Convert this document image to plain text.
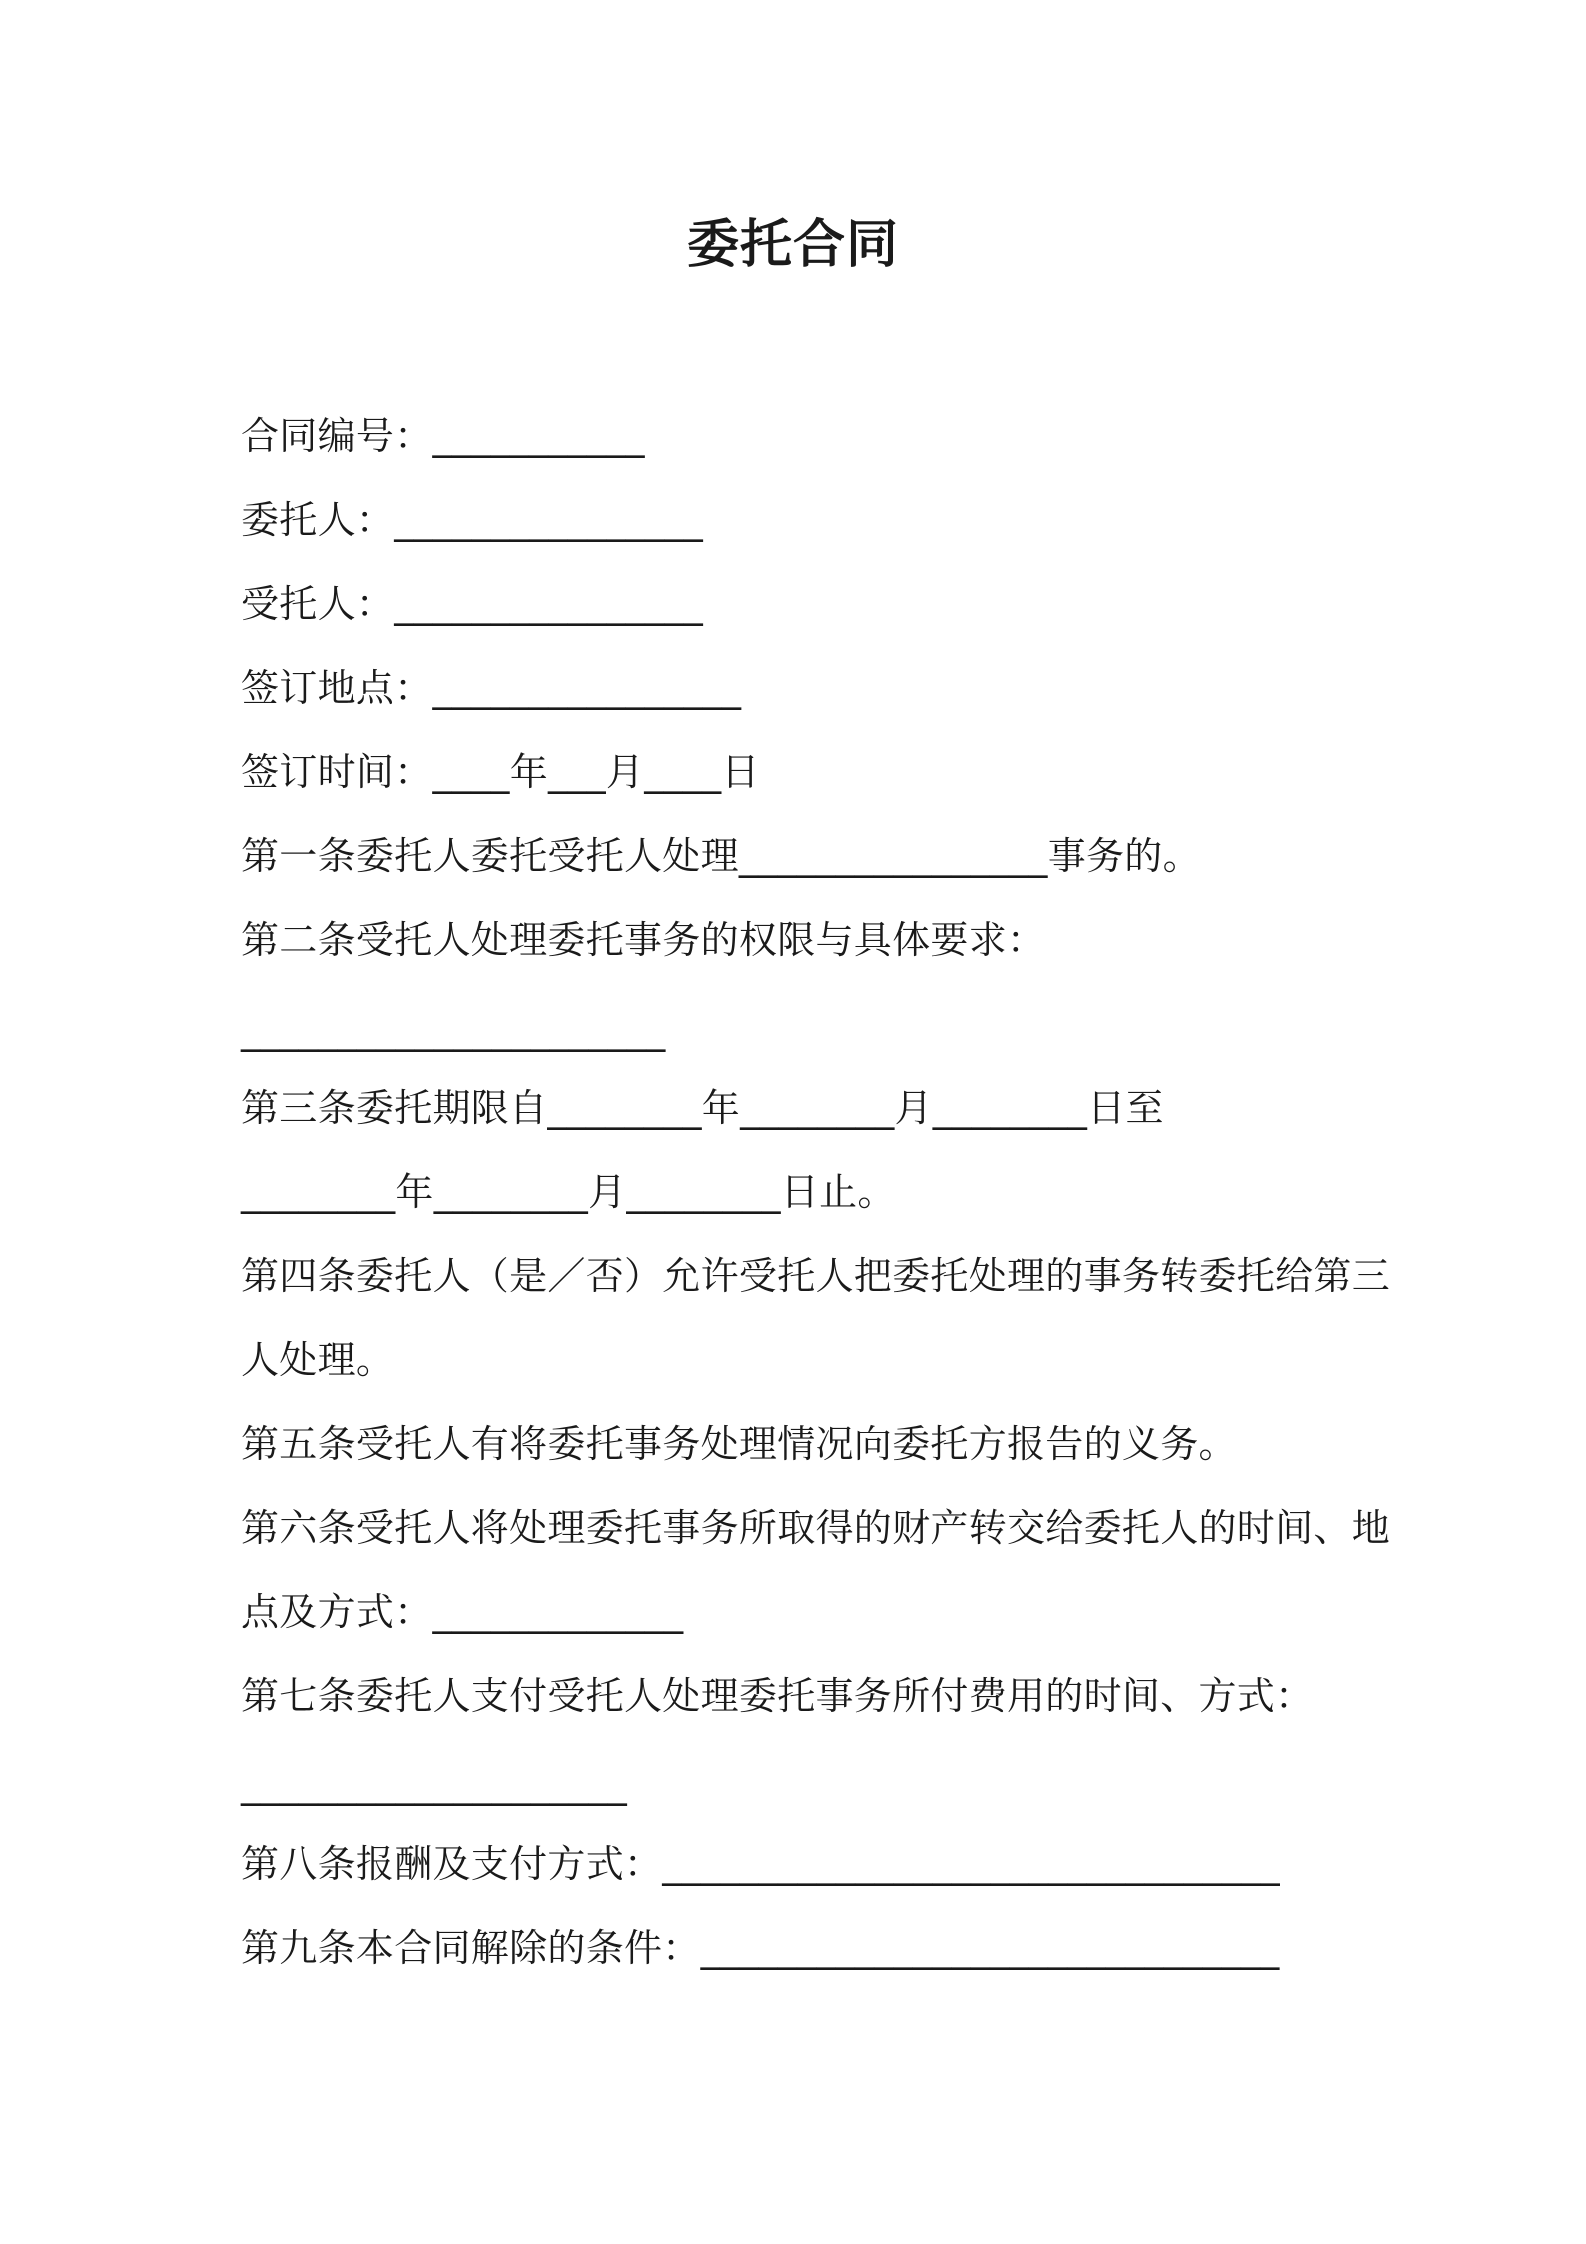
委托合同
合同编号：___________
委托人：________________
受托人：________________
签订地点：________________
签订时间：____年___月____日
第一条委托人委托受托人处理________________事务的。
第二条受托人处理委托事务的权限与具体要求：
______________________
第三条委托期限自________年________月________日至
________年________月________日止。
第四条委托人（是／否）允许受托人把委托处理的事务转委托给第三
人处理。
第五条受托人有将委托事务处理情况向委托方报告的义务。
第六条受托人将处理委托事务所取得的财产转交给委托人的时间、地
点及方式：_____________
第七条委托人支付受托人处理委托事务所付费用的时间、方式：
____________________
第八条报酬及支付方式：________________________________
第九条本合同解除的条件：______________________________
